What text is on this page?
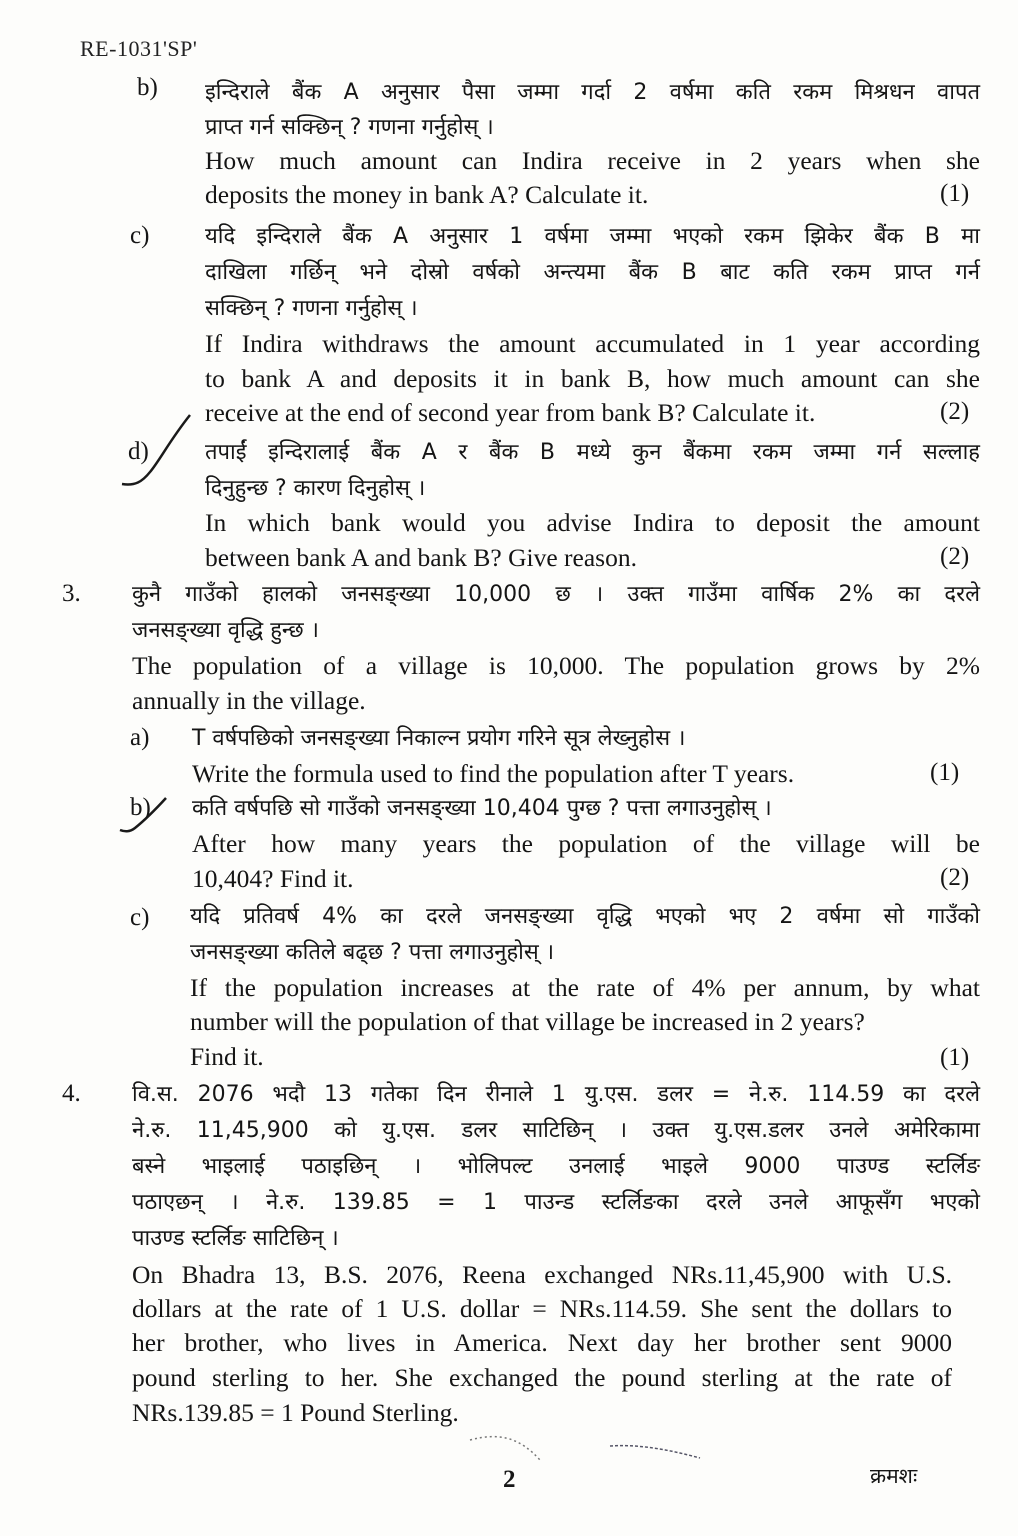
RE-1031'SP'
b) इन्दिराले बैंक A अनुसार पैसा जम्मा गर्दा 2 वर्षमा कति रकम मिश्रधन वापत
प्राप्त गर्न सक्छिन् ? गणना गर्नुहोस् ।
How much amount can Indira receive in 2 years when she
deposits the money in bank A? Calculate it.	(1)
c)	यदि इन्दिराले बैंक A अनुसार 1 वर्षमा जम्मा भएको रकम झिकेर बैंक B मा
दाखिला गर्छिन् भने दोस्रो वर्षको अन्त्यमा बैंक B बाट कति रकम प्राप्त गर्न
सक्छिन् ? गणना गर्नुहोस् ।
If Indira withdraws the amount accumulated in 1 year according
to bank A and deposits it in bank B, how much amount can she
receive at the end of second year from bank B? Calculate it.	(2)
d)	तपाईं इन्दिरालाई बैंक A र बैंक B मध्ये कुन बैंकमा रकम जम्मा गर्न सल्लाह
दिनुहुन्छ ? कारण दिनुहोस् ।
In which bank would you advise Indira to deposit the amount
between bank A and bank B? Give reason.	(2)
3. कुनै गाउँको हालको जनसङ्ख्या 10,000 छ । उक्त गाउँमा वार्षिक 2% का दरले
जनसङ्ख्या वृद्धि हुन्छ ।
The population of a village is 10,000. The population grows by 2%
annually in the village.
a) T वर्षपछिको जनसङ्ख्या निकाल्न प्रयोग गरिने सूत्र लेख्नुहोस ।
Write the formula used to find the population after T years.	(1)
b) कति वर्षपछि सो गाउँको जनसङ्ख्या 10,404 पुग्छ ? पत्ता लगाउनुहोस् ।
After how many years the population of the village will be
10,404? Find it.	(2)
c) यदि प्रतिवर्ष 4% का दरले जनसङ्ख्या वृद्धि भएको भए 2 वर्षमा सो गाउँको
जनसङ्ख्या कतिले बढ्छ ? पत्ता लगाउनुहोस् ।
If the population increases at the rate of 4% per annum, by what
number will the population of that village be increased in 2 years?
Find it.	(1)
4. वि.स. 2076 भदौ 13 गतेका दिन रीनाले 1 यु.एस. डलर = ने.रु. 114.59 का दरले
ने.रु. 11,45,900 को यु.एस. डलर साटिछिन् । उक्त यु.एस.डलर उनले अमेरिकामा
बस्ने भाइलाई पठाइछिन् । भोलिपल्ट उनलाई भाइले 9000 पाउण्ड स्टर्लिङ
पठाएछन् । ने.रु. 139.85 = 1 पाउन्ड स्टर्लिङका दरले उनले आफूसँग भएको
पाउण्ड स्टर्लिङ साटिछिन् ।
On Bhadra 13, B.S. 2076, Reena exchanged NRs.11,45,900 with U.S.
dollars at the rate of 1 U.S. dollar = NRs.114.59. She sent the dollars to
her brother, who lives in America. Next day her brother sent 9000
pound sterling to her. She exchanged the pound sterling at the rate of
NRs.139.85 = 1 Pound Sterling.
2	क्रमशः
